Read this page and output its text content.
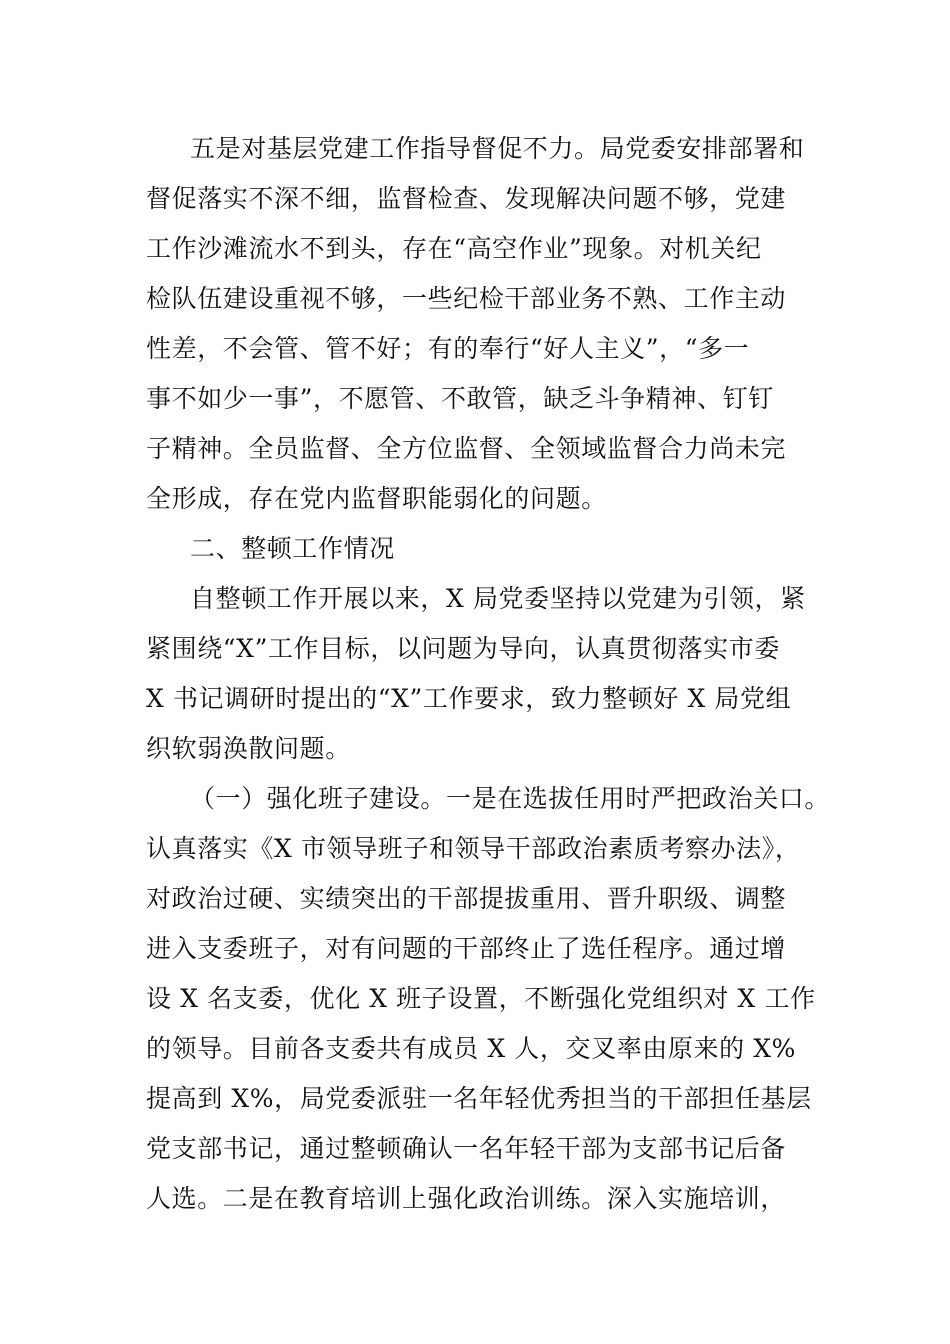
五是对基层党建工作指导督促不力。局党委安排部署和
督促落实不深不细，监督检查、发现解决问题不够，党建
工作沙滩流水不到头，存在“高空作业”现象。对机关纪
检队伍建设重视不够，一些纪检干部业务不熟、工作主动
性差，不会管、管不好；有的奉行“好人主义”，“多一
事不如少一事”，不愿管、不敢管，缺乏斗争精神、钉钉
子精神。全员监督、全方位监督、全领域监督合力尚未完
全形成，存在党内监督职能弱化的问题。
二、整顿工作情况
自整顿工作开展以来，X 局党委坚持以党建为引领，紧
紧围绕“X”工作目标，以问题为导向，认真贯彻落实市委
X 书记调研时提出的“X”工作要求，致力整顿好 X 局党组
织软弱涣散问题。
（一）强化班子建设。一是在选拔任用时严把政治关口。
认真落实《X 市领导班子和领导干部政治素质考察办法》，
对政治过硬、实绩突出的干部提拔重用、晋升职级、调整
进入支委班子，对有问题的干部终止了选任程序。通过增
设 X 名支委，优化 X 班子设置，不断强化党组织对 X 工作
的领导。目前各支委共有成员 X 人，交叉率由原来的 X%
提高到 X%，局党委派驻一名年轻优秀担当的干部担任基层
党支部书记，通过整顿确认一名年轻干部为支部书记后备
人选。二是在教育培训上强化政治训练。深入实施培训，
